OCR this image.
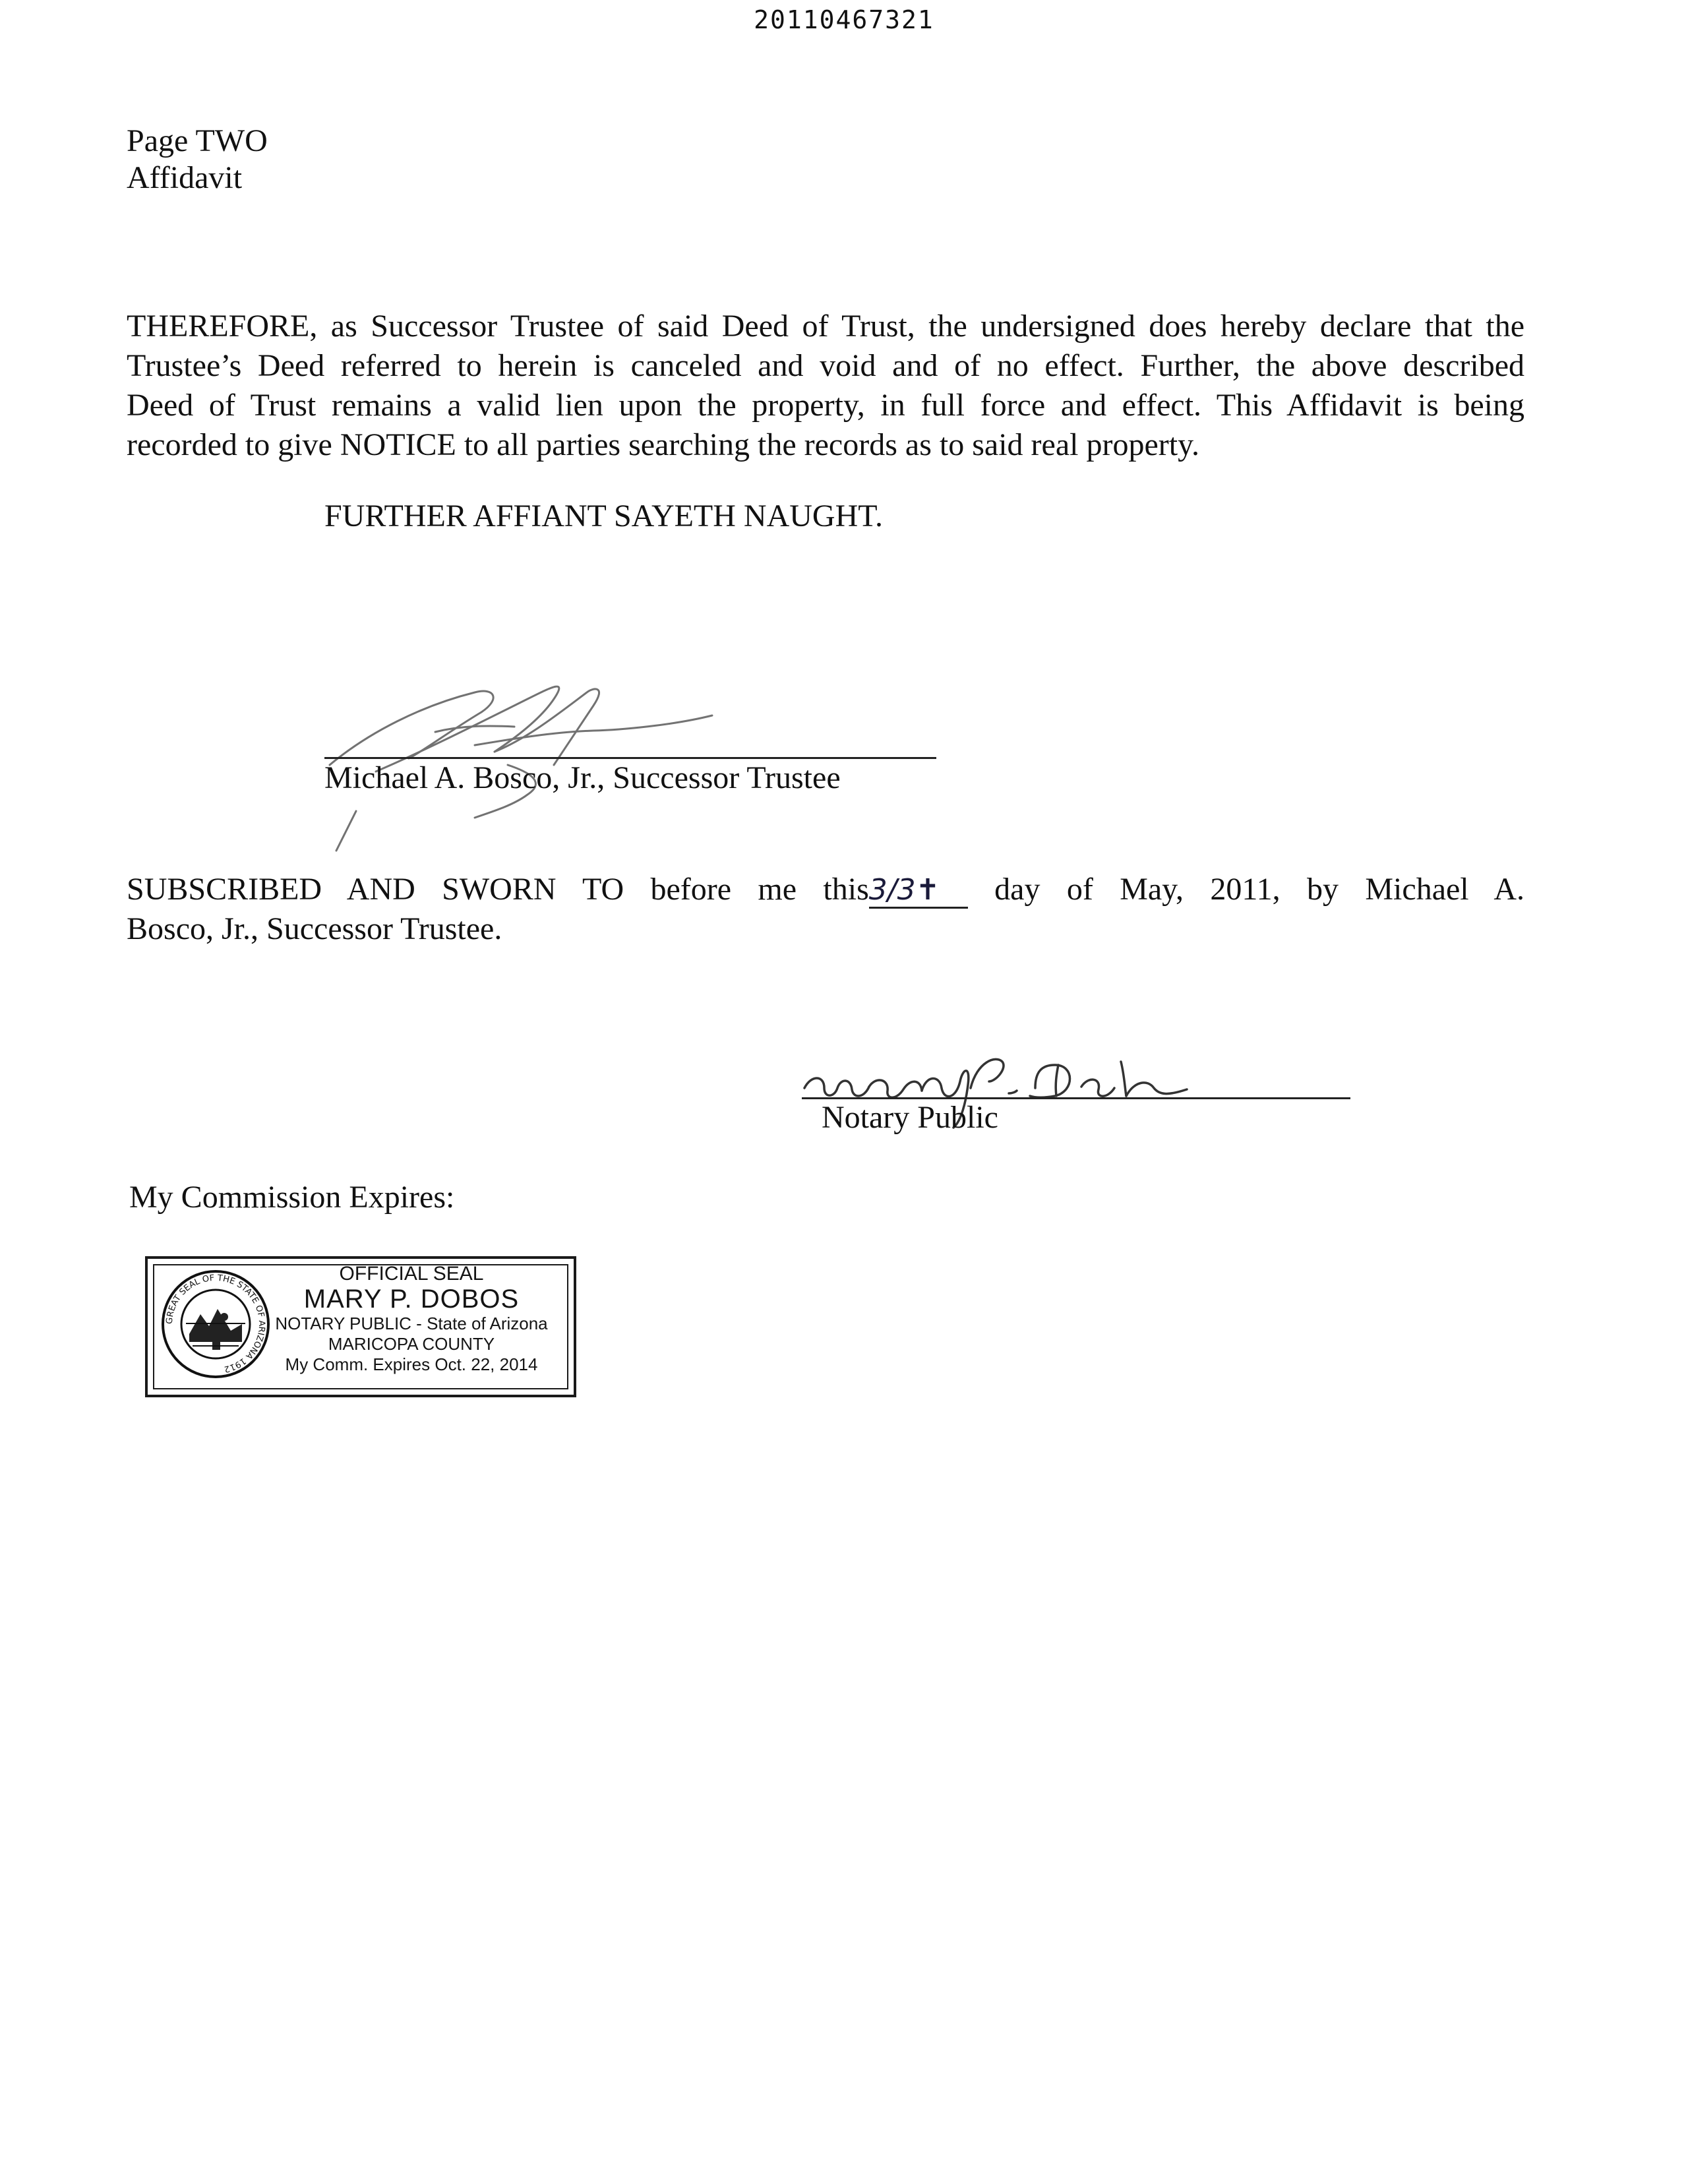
20110467321
Page TWO
Affidavit

THEREFORE, as Successor Trustee of said Deed of Trust, the undersigned does hereby declare that the

Trustee’s Deed referred to herein is canceled and void and of no effect. Further, the above described

Deed of Trust remains a valid lien upon the property, in full force and effect. This Affidavit is being

recorded to give NOTICE to all parties searching the records as to said real property.

FURTHER AFFIANT SAYETH NAUGHT.
Michael A. Bosco, Jr., Successor Trustee
SUBSCRIBED AND SWORN TO before me this3/3✝ day of May, 2011, by Michael A.
Bosco, Jr., Successor Trustee.
Notary Public
My Commission Expires:
GREAT SEAL OF THE STATE OF ARIZONA 1912
OFFICIAL SEAL
MARY P. DOBOS
NOTARY PUBLIC - State of Arizona
MARICOPA COUNTY
My Comm. Expires Oct. 22, 2014
